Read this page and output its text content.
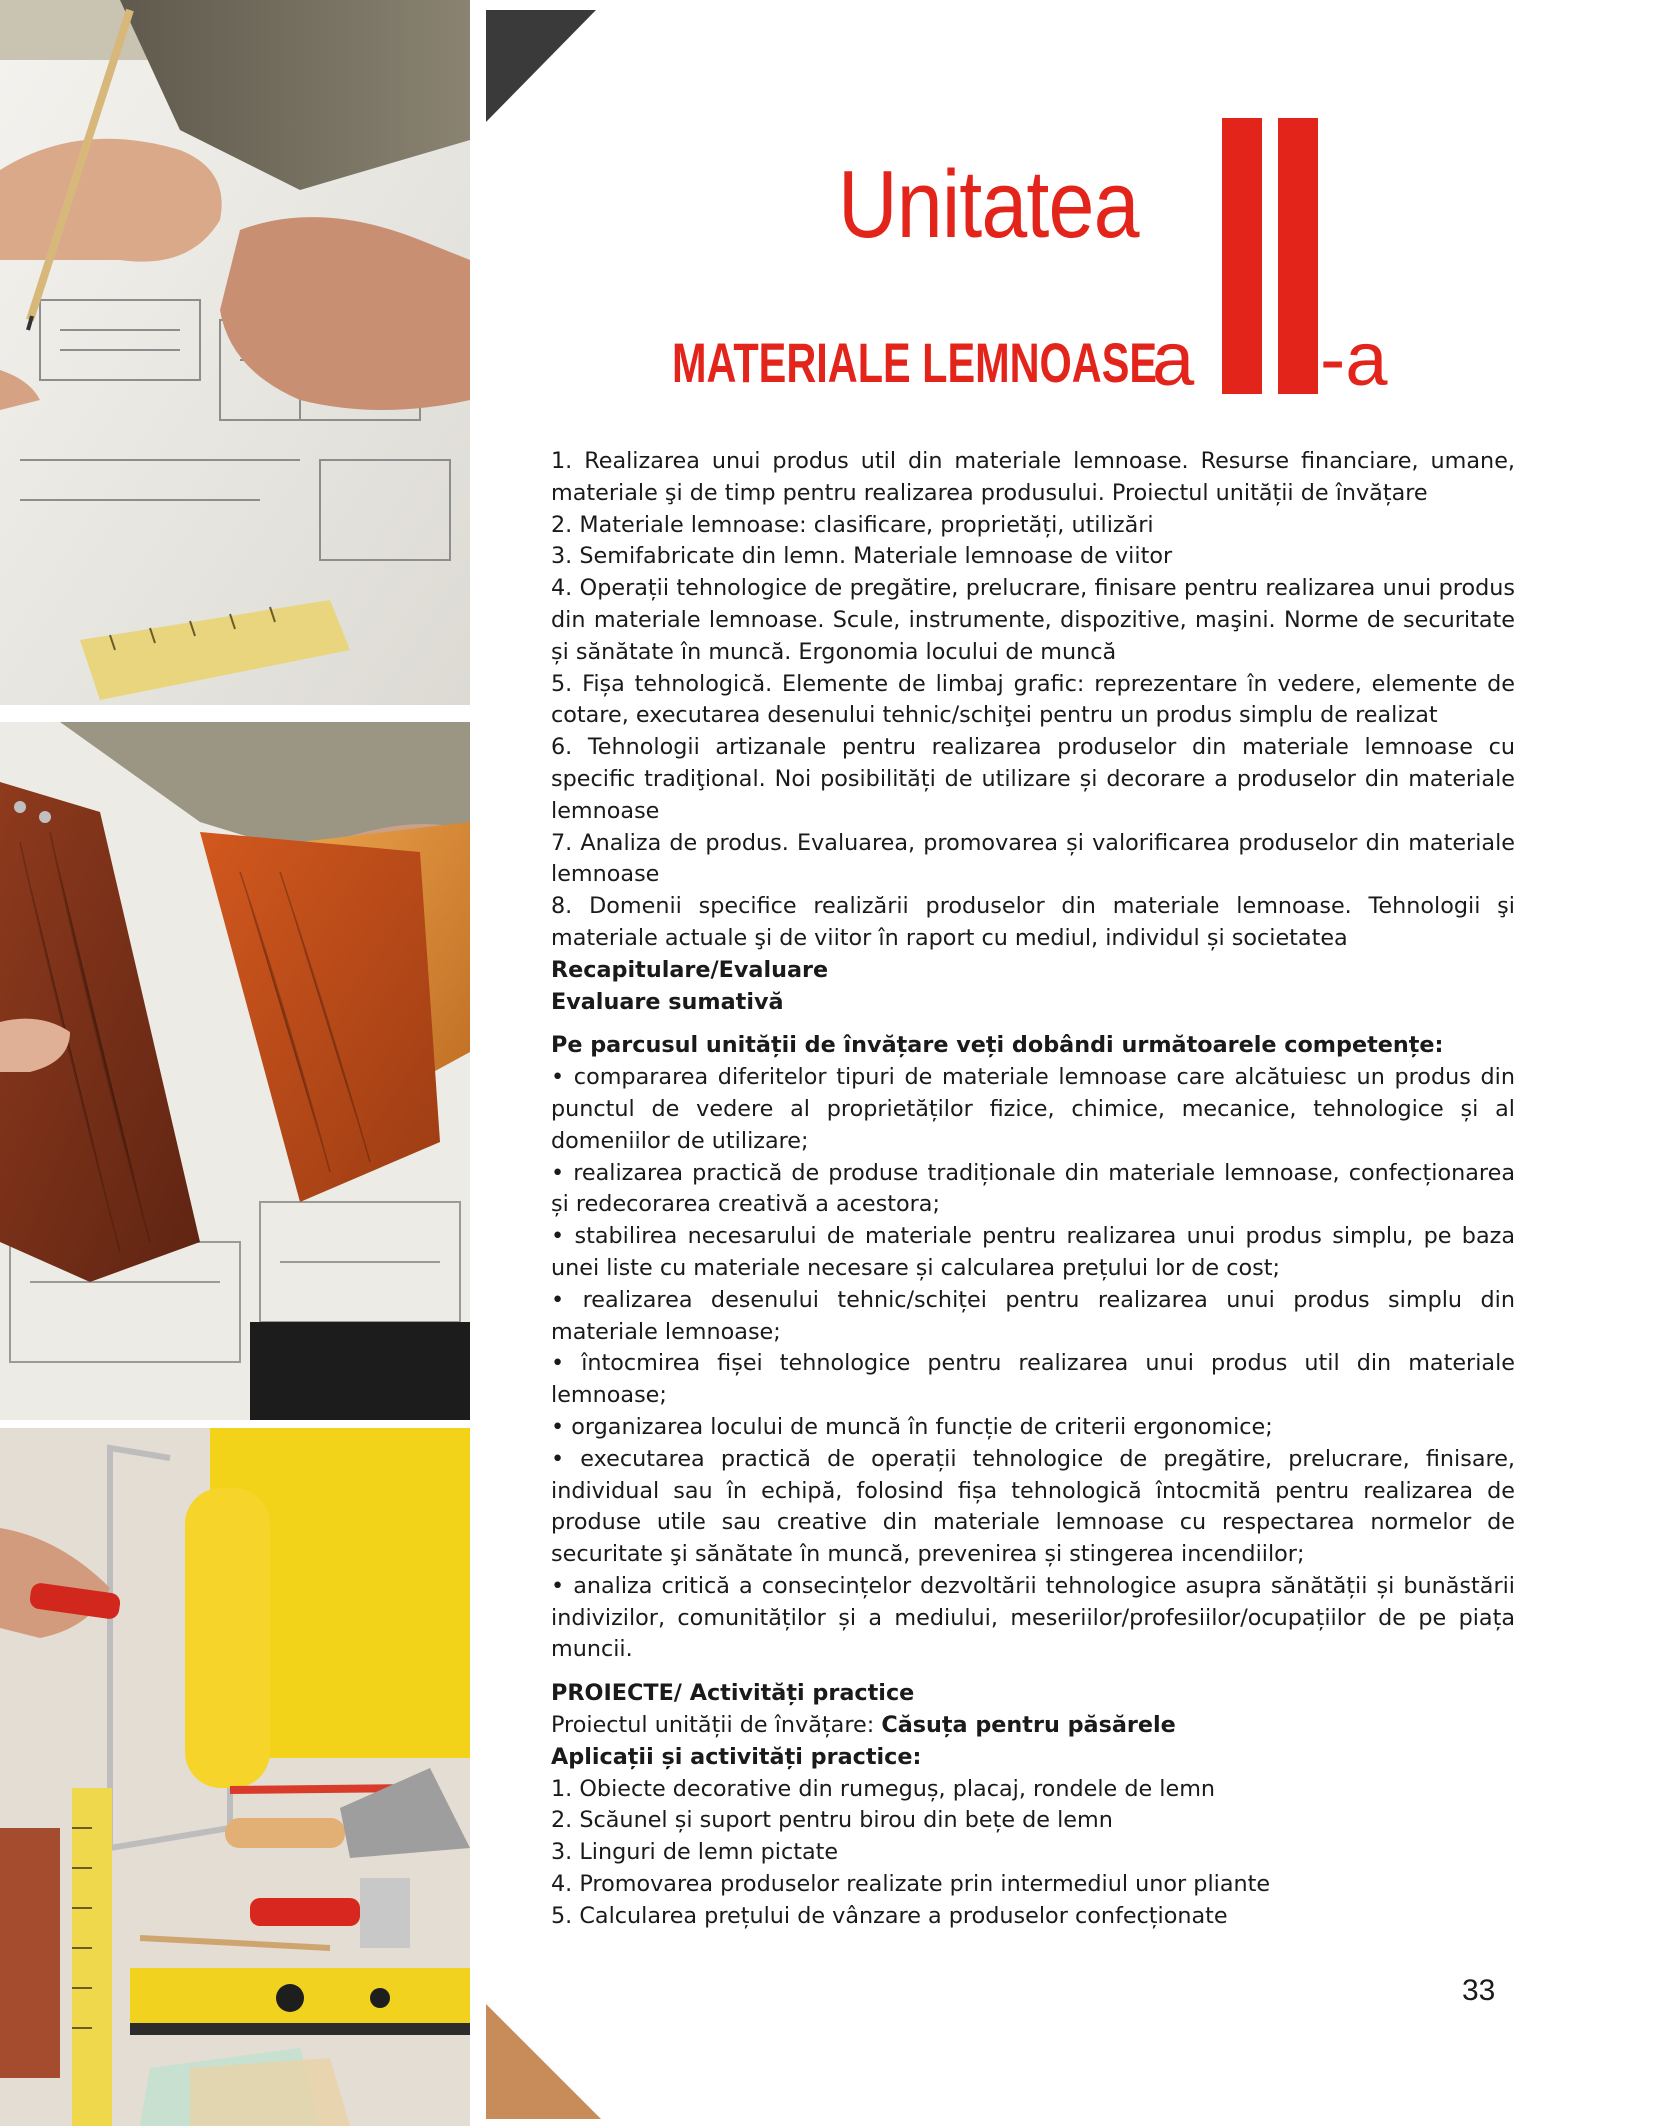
Unitatea
MATERIALE LEMNOASE
a -a

1. Realizarea unui produs util din materiale lemnoase. Resurse financiare, umane, materiale şi de timp pentru realizarea produsului. Proiectul unității de învățare

2. Materiale lemnoase: clasificare, proprietăți, utilizări

3. Semifabricate din lemn. Materiale lemnoase de viitor

4. Operații tehnologice de pregătire, prelucrare, finisare pentru realizarea unui produs din materiale lemnoase. Scule, instrumente, dispozitive, maşini. Norme de securitate și sănătate în muncă. Ergonomia locului de muncă

5. Fișa tehnologică. Elemente de limbaj grafic: reprezentare în vedere, elemente de cotare, executarea desenului tehnic/schiţei pentru un produs simplu de realizat

6. Tehnologii artizanale pentru realizarea produselor din materiale lemnoase cu specific tradiţional. Noi posibilități de utilizare și decorare a produselor din materiale lemnoase

7. Analiza de produs. Evaluarea, promovarea și valorificarea produselor din materiale lemnoase

8. Domenii specifice realizării produselor din materiale lemnoase. Tehnologii şi materiale actuale şi de viitor în raport cu mediul, individul și societatea

Recapitulare/Evaluare

Evaluare sumativă

Pe parcusul unității de învățare veți dobândi următoarele competențe:

• compararea diferitelor tipuri de materiale lemnoase care alcătuiesc un produs din punctul de vedere al proprietăților fizice, chimice, mecanice, tehnologice și al domeniilor de utilizare;

• realizarea practică de produse tradiționale din materiale lemnoase, confecționarea și redecorarea creativă a acestora;

• stabilirea necesarului de materiale pentru realizarea unui produs simplu, pe baza unei liste cu materiale necesare și calcularea prețului lor de cost;

• realizarea desenului tehnic/schiței pentru realizarea unui produs simplu din materiale lemnoase;

• întocmirea fișei tehnologice pentru realizarea unui produs util din materiale lemnoase;

• organizarea locului de muncă în funcție de criterii ergonomice;

• executarea practică de operații tehnologice de pregătire, prelucrare, finisare, individual sau în echipă, folosind fișa tehnologică întocmită pentru realizarea de produse utile sau creative din materiale lemnoase cu respectarea normelor de securitate şi sănătate în muncă, prevenirea și stingerea incendiilor;

• analiza critică a consecințelor dezvoltării tehnologice asupra sănătății și bunăstării indivizilor, comunităților și a mediului, meseriilor/profesiilor/ocupațiilor de pe piața muncii.

PROIECTE/ Activități practice

Proiectul unității de învățare: Căsuța pentru păsărele

Aplicații și activități practice:

1. Obiecte decorative din rumeguș, placaj, rondele de lemn

2. Scăunel și suport pentru birou din bețe de lemn

3. Linguri de lemn pictate

4. Promovarea produselor realizate prin intermediul unor pliante

5. Calcularea prețului de vânzare a produselor confecționate

33
